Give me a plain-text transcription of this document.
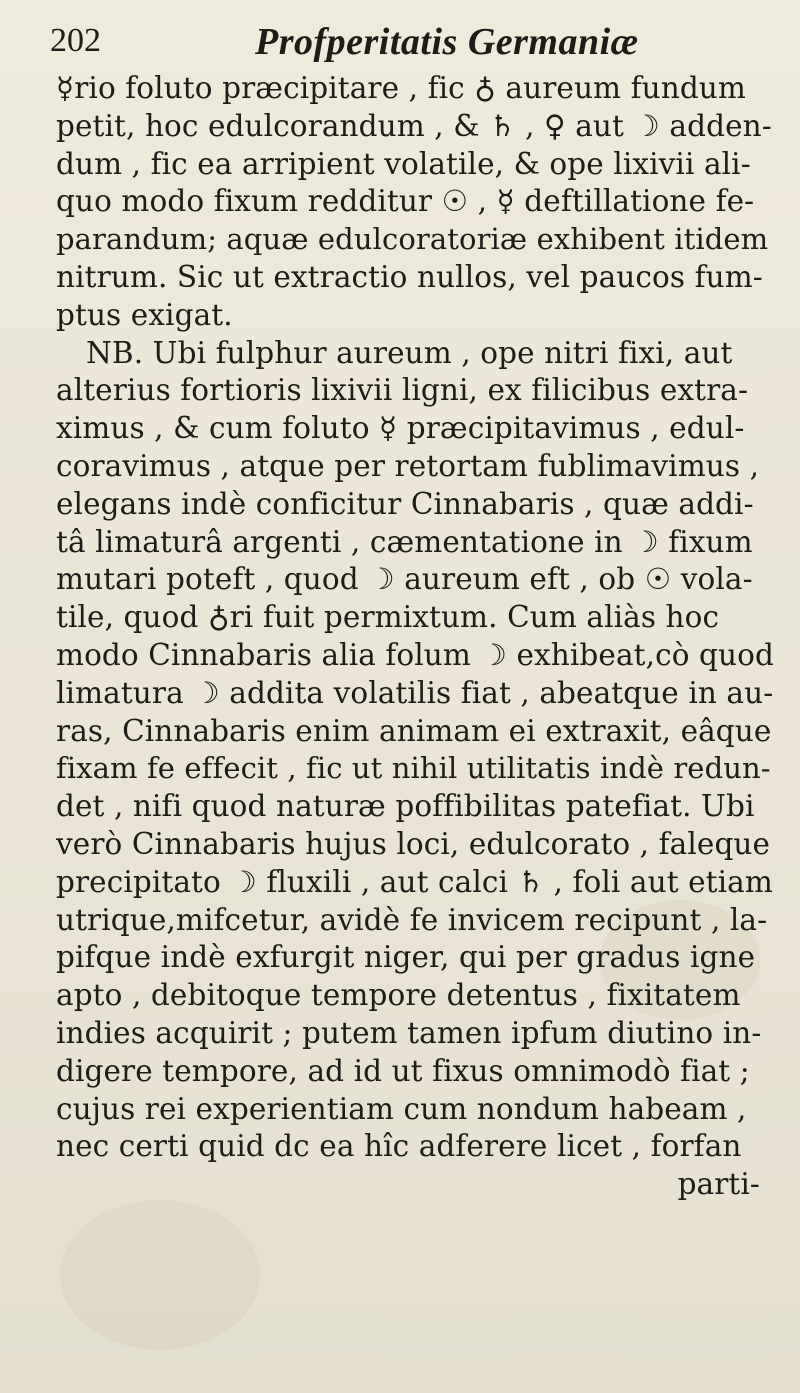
202	Profperitatis Germaniæ
☿rio foluto præcipitare , fic ♁ aureum fundum
petit, hoc edulcorandum , & ♄ , ♀ aut ☽ adden-
dum , fic ea arripient volatile, & ope lixivii ali-
quo modo fixum redditur ☉ , ☿ deftillatione fe-
parandum; aquæ edulcoratoriæ exhibent itidem
nitrum. Sic ut extractio nullos, vel paucos fum-
ptus exigat.
NB. Ubi fulphur aureum , ope nitri fixi, aut
alterius fortioris lixivii ligni, ex filicibus extra-
ximus , & cum foluto ☿ præcipitavimus , edul-
coravimus , atque per retortam fublimavimus ,
elegans indè conficitur Cinnabaris , quæ addi-
tâ limaturâ argenti , cæmentatione in ☽ fixum
mutari poteft , quod ☽ aureum eft , ob ☉ vola-
tile, quod ♁ri fuit permixtum. Cum aliàs hoc
modo Cinnabaris alia folum ☽ exhibeat,cò quod
limatura ☽ addita volatilis fiat , abeatque in au-
ras, Cinnabaris enim animam ei extraxit, eâque
fixam fe effecit , fic ut nihil utilitatis indè redun-
det , nifi quod naturæ poffibilitas patefiat. Ubi
verò Cinnabaris hujus loci, edulcorato , faleque
precipitato ☽ fluxili , aut calci ♄ , foli aut etiam
utrique,mifcetur, avidè fe invicem recipunt , la-
pifque indè exfurgit niger, qui per gradus igne
apto , debitoque tempore detentus , fixitatem
indies acquirit ; putem tamen ipfum diutino in-
digere tempore, ad id ut fixus omnimodò fiat ;
cujus rei experientiam cum nondum habeam ,
nec certi quid dc ea hîc adferere licet , forfan
parti-
